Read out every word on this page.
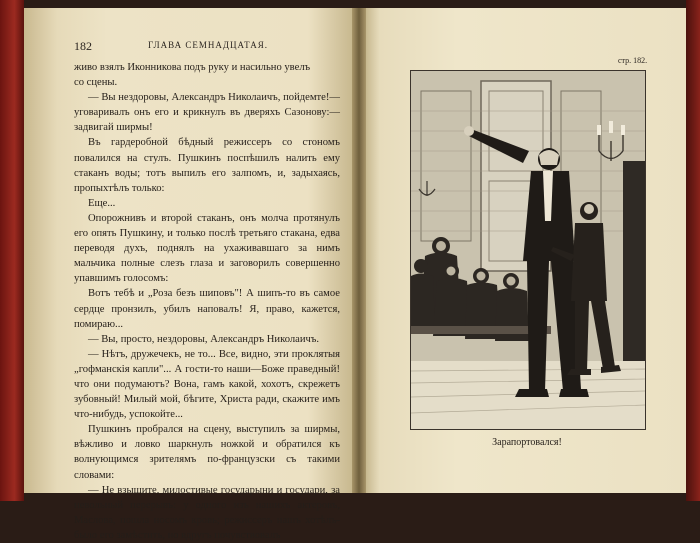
182	ГЛАВА СЕМНАДЦАТАЯ.

живо взялъ Иконникова подъ руку и насильно увелъ

со сцены.

— Вы нездоровы, Александръ Николаичъ, пойдемте!—уговаривалъ онъ его и крикнулъ въ дверяхъ Сазонову:—задвигай ширмы!

Въ гардеробной бѣдный режиссеръ со стономъ повалился на стулъ. Пушкинъ поспѣшилъ налить ему стаканъ воды; тотъ выпилъ его залпомъ, и, задыхаясь, пропыхтѣлъ только:

Еще...

Опорожнивъ и второй стаканъ, онъ молча протянулъ его опять Пушкину, и только послѣ третьяго стакана, едва переводя духъ, поднялъ на ухаживавшаго за нимъ мальчика полные слезъ глаза и заговорилъ совершенно упавшимъ голосомъ:

Вотъ тебѣ и „Роза безъ шиповъ"! А шипъ-то въ самое сердце пронзилъ, убилъ наповалъ! Я, право, кажется, помираю...

— Вы, просто, нездоровы, Александръ Николаичъ.

— Нѣтъ, дружечекъ, не то... Все, видно, эти проклятыя „гофманскія капли"... А гости-то наши—Боже праведный! что они подумаютъ? Вона, гамъ какой, хохотъ, скрежетъ зубовный! Милый мой, бѣгите, Христа ради, скажите имъ что-нибудь, успокойте...

Пушкинъ пробрался на сцену, выступилъ за ширмы, вѣжливо и ловко шаркнулъ ножкой и обратился къ волнующимся зрителямъ по-французски съ такими словами:

— Не взыщите, милостивые государыни и государи, за невольный перерывъ: у одного изъ нашихъ актеровъ, Маслова, пошла носомъ кровь; режиссеръ нашъ хотѣлъ-было его замѣстить, но вдругъ почувствовалъ

стр. 182.
Зарапортовался!
